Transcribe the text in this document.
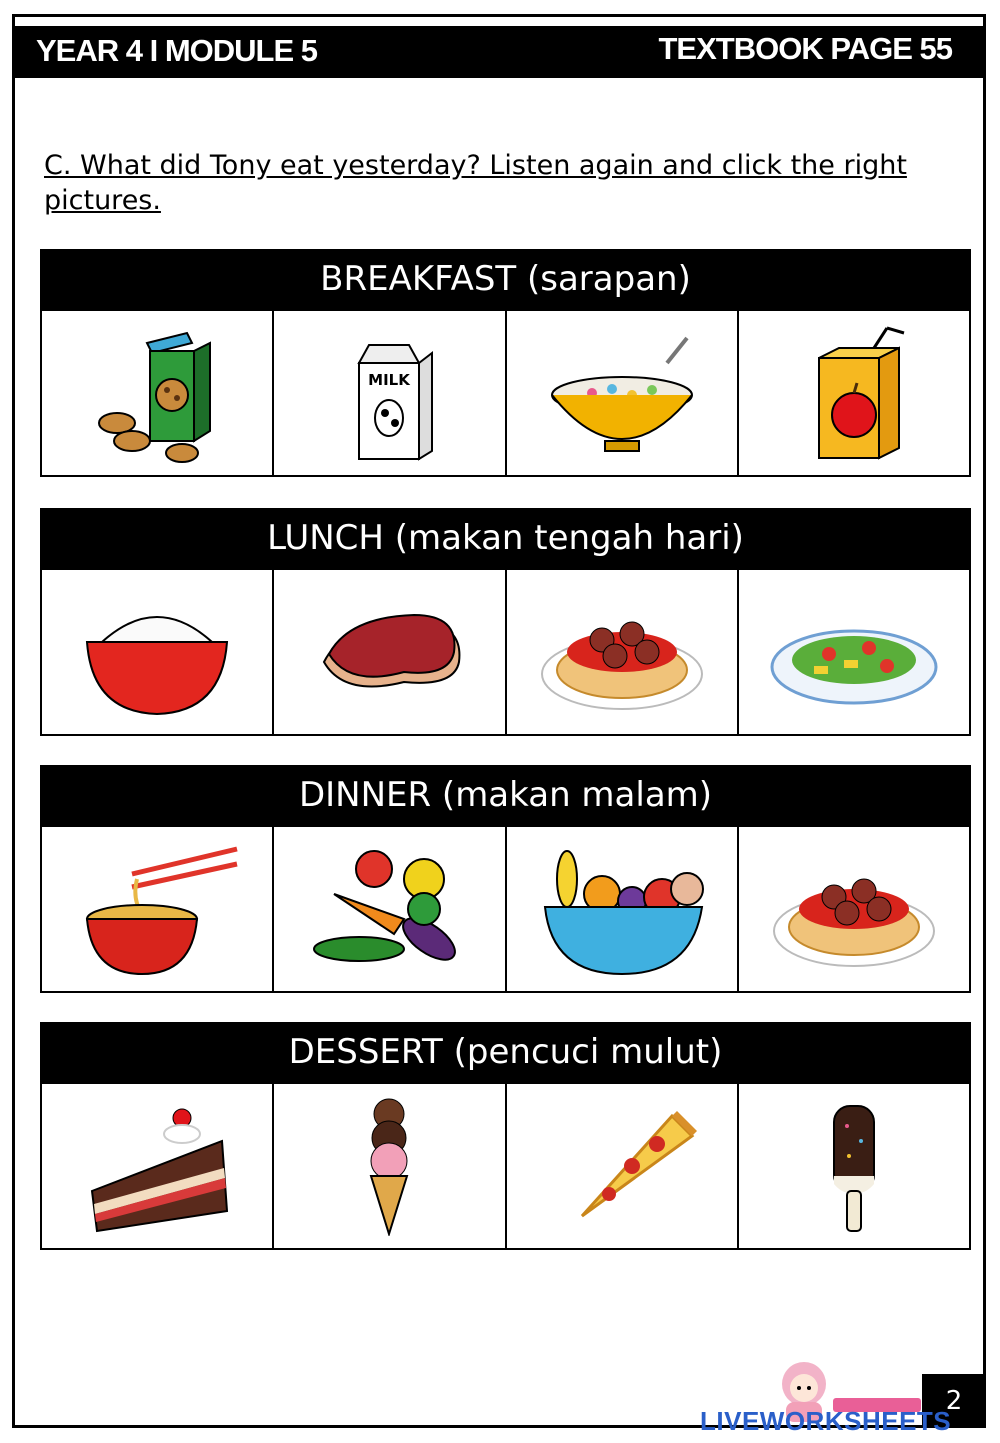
YEAR 4 I MODULE 5	TEXTBOOK PAGE 55
C. What did Tony eat yesterday? Listen again and click the right pictures.
BREAKFAST (sarapan)
MILK
LUNCH (makan tengah hari)
DINNER (makan malam)
DESSERT (pencuci mulut)
2
LIVEWORKSHEETS
